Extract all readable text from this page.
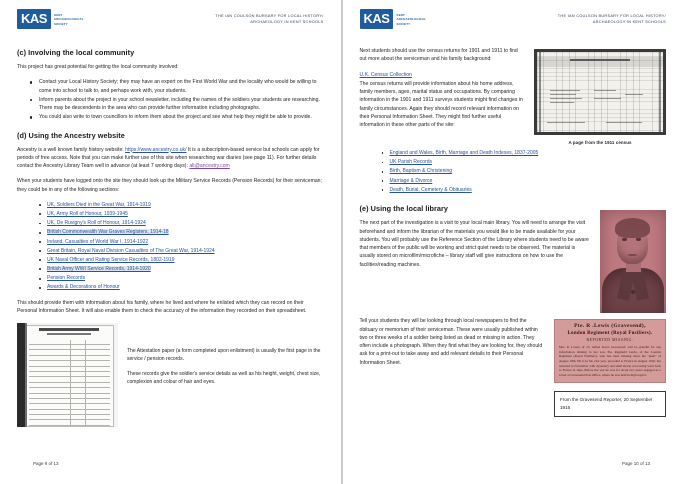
KAS	KENT
ARCHAEOLOGICAL
SOCIETY
THE IAN COULSON BURSARY FOR LOCAL HISTORY/
ARCHAEOLOGY IN KENT SCHOOLS
(c) Involving the local community

This project has great potential for getting the local community involved:

Contact your Local History Society; they may have an expert on the First World War and the locality who would be willing to come into school to talk to, and perhaps work with, your students.
Inform parents about the project in your school newsletter, including the names of the soldiers your students are researching. There may be descendents in the area who can provide further information including photographs.
You could also write to town councillors to inform them about the project and see what help they might be able to provide.
(d) Using the Ancestry website

Ancestry is a well known family history website: https://www.ancestry.co.uk/ It is a subscription-based service but schools can apply for periods of free access. Note that you can make further use of this site when researching war diaries (see page 11). For further details contact the Ancestry Library Team well in advance (at least 7 working days): alt@ancestry.com

When your students have logged onto the site they should look up the Military Service Records (Pension Records) for their serviceman; they could be in any of the following sections:

UK, Soldiers Died in the Great War, 1914-1919
UK, Army Roll of Honour, 1939-1945
UK, De Ruvigny's Roll of Honour, 1914-1924
British Commonwealth War Graves Registers, 1914-18
Ireland, Casualties of World War I, 1914-1922
Great Britain, Royal Naval Division Casualties of The Great War, 1914-1924
UK Naval Officer and Rating Service Records, 1802-1919
British Army WWI Service Records, 1914-1920
Pension Records
Awards & Decorations of Honour

This should provide them with information about his family, where he lived and where he enlisted which they can record on their Personal Information Sheet. It will also enable them to check the accuracy of the information they recorded on their spreadsheet.

The Attestation paper (a form completed upon enlistment) is usually the first page in the service / pension records.

These records give the soldier's service details as well as his height, weight, chest size, complexion and colour of hair and eyes.

Page 9 of 13
KAS	KENT
ARCHAEOLOGICAL
SOCIETY
THE IAN COULSON BURSARY FOR LOCAL HISTORY/
ARCHAEOLOGY IN KENT SCHOOLS
A page from the 1911 census

Next students should use the census returns for 1901 and 1911 to find out more about the serviceman and his family background:

U.K. Census Collection

The census returns will provide information about his home address, family members, ages, marital status and occupations. By comparing information in the 1901 and 1911 surveys students might find changes in family circumstances. Again they should record relevant information on their Personal Information Sheet. They might find further useful information in these other parts of the site:

England and Wales, Birth, Marriage and Death Indexes, 1837-2005
UK Parish Records
Birth, Baptism & Christening
Marriage & Divorce
Death, Burial, Cemetery & Obituaries
(e) Using the local library

The next part of the investigation is a visit to your local main library. You will need to arrange the visit beforehand and inform the librarian of the materials you would like to be made available for your students. You will probably use the Reference Section of the Library where students need to be aware that members of the public will be working and strict quiet needs to be observed. The material is usually stored on microfilm/microfiche – library staff will give instructions on how to use the facilities/reading machines.

Pte. R .Lewis (Gravesend),
London Regiment (Royal Fusiliers).
REPORTED MISSING.
Mrs. R. Lewis, of 15, Alfred Road, Gravesend, will be grateful for any information relating to her son, Pte. Reginald Lewis, of the London Regiment (Royal Fusiliers), who has been missing since the "push" of August 18th. He is in his 21st year, preceded to France in August 1916, but returned in November with dysentery and shell shock, recovering went back to France in June. Before the war he was for about two years engaged as a sorter at Gravesend Post Office, where he was held in high regard.
From the Gravesend Reporter, 20 September 1916

Tell your students they will be looking through local newspapers to find the obituary or memorium of their serviceman. These were usually published within two or three weeks of a soldier being listed as dead or missing in action. They often include a photograph. When they find what they are looking for, they should ask for a print-out to take away and add relevant details to their Personal Information Sheet.

Page 10 of 13
